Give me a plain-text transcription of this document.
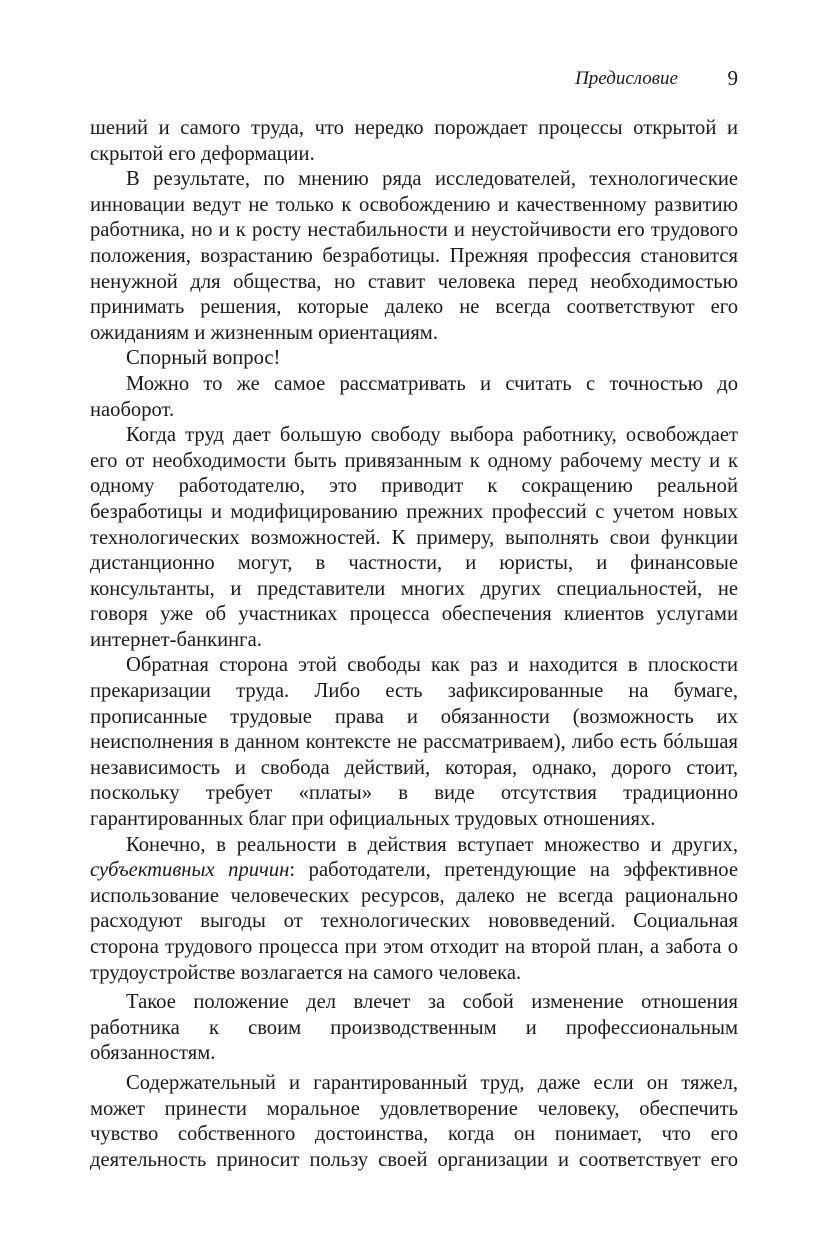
Предисловие 9

шений и самого труда, что нередко порождает процессы открытой и скрытой его деформации.

В результате, по мнению ряда исследователей, технологические инновации ведут не только к освобождению и качественному развитию работника, но и к росту нестабильности и неустойчивости его трудового положения, возрастанию безработицы. Прежняя профессия становится ненужной для общества, но ставит человека перед необходимостью принимать решения, которые далеко не всегда соответствуют его ожиданиям и жизненным ориентациям.

Спорный вопрос!

Можно то же самое рассматривать и считать с точностью до наоборот.

Когда труд дает большую свободу выбора работнику, освобождает его от необходимости быть привязанным к одному рабочему месту и к одному работодателю, это приводит к сокращению реальной безработицы и модифицированию прежних профессий с учетом новых технологических возможностей. К примеру, выполнять свои функции дистанционно могут, в частности, и юристы, и финансовые консультанты, и представители многих других специальностей, не говоря уже об участниках процесса обеспечения клиентов услугами интернет-банкинга.

Обратная сторона этой свободы как раз и находится в плоскости прекаризации труда. Либо есть зафиксированные на бумаге, прописанные трудовые права и обязанности (возможность их неисполнения в данном контексте не рассматриваем), либо есть бóльшая независимость и свобода действий, которая, однако, дорого стоит, поскольку требует «платы» в виде отсутствия традиционно гарантированных благ при официальных трудовых отношениях.

Конечно, в реальности в действия вступает множество и других, субъективных причин: работодатели, претендующие на эффективное использование человеческих ресурсов, далеко не всегда рационально расходуют выгоды от технологических нововведений. Социальная сторона трудового процесса при этом отходит на второй план, а забота о трудоустройстве возлагается на самого человека.

Такое положение дел влечет за собой изменение отношения работника к своим производственным и профессиональным обязанностям.

Содержательный и гарантированный труд, даже если он тяжел, может принести моральное удовлетворение человеку, обеспечить чувство собственного достоинства, когда он понимает, что его деятельность приносит пользу своей организации и соответствует его
